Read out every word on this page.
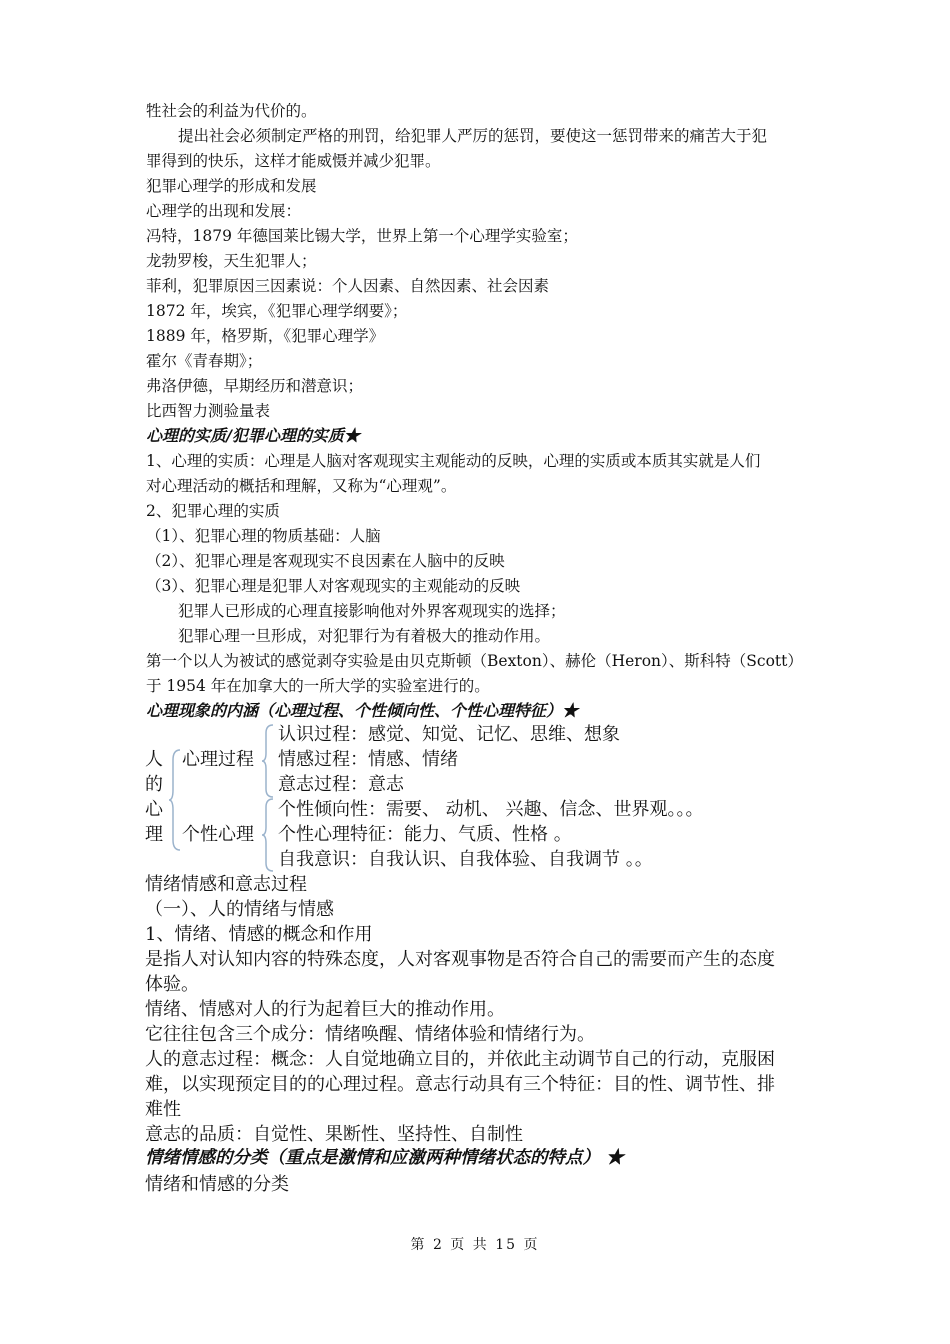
牲社会的利益为代价的。
提出社会必须制定严格的刑罚，给犯罪人严厉的惩罚，要使这一惩罚带来的痛苦大于犯
罪得到的快乐，这样才能威慑并减少犯罪。
犯罪心理学的形成和发展
心理学的出现和发展：
冯特，1879 年德国莱比锡大学，世界上第一个心理学实验室；
龙勃罗梭，天生犯罪人；
菲利，犯罪原因三因素说：个人因素、自然因素、社会因素
1872 年，埃宾，《犯罪心理学纲要》；
1889 年，格罗斯，《犯罪心理学》
霍尔《青春期》；
弗洛伊德，早期经历和潜意识；
比西智力测验量表
心理的实质/犯罪心理的实质★
1、心理的实质：心理是人脑对客观现实主观能动的反映，心理的实质或本质其实就是人们
对心理活动的概括和理解，又称为“心理观”。
2、犯罪心理的实质
（1）、犯罪心理的物质基础：人脑
（2）、犯罪心理是客观现实不良因素在人脑中的反映
（3）、犯罪心理是犯罪人对客观现实的主观能动的反映
犯罪人已形成的心理直接影响他对外界客观现实的选择；
犯罪心理一旦形成，对犯罪行为有着极大的推动作用。
第一个以人为被试的感觉剥夺实验是由贝克斯顿（Bexton）、赫伦（Heron）、斯科特（Scott）
于 1954 年在加拿大的一所大学的实验室进行的。
心理现象的内涵（心理过程、个性倾向性、个性心理特征）★
人
的
心
理
心理过程
个性心理
认识过程：感觉、知觉、记忆、思维、想象
情感过程：情感、情绪
意志过程：意志
个性倾向性：需要、 动机、 兴趣、信念、世界观。。。
个性心理特征：能力、气质、性格 。
自我意识：自我认识、自我体验、自我调节 。。
情绪情感和意志过程
（一）、人的情绪与情感
1、情绪、情感的概念和作用
是指人对认知内容的特殊态度，人对客观事物是否符合自己的需要而产生的态度
体验。
情绪、情感对人的行为起着巨大的推动作用。
它往往包含三个成分：情绪唤醒、情绪体验和情绪行为。
人的意志过程：概念：人自觉地确立目的，并依此主动调节自己的行动，克服困
难，以实现预定目的的心理过程。意志行动具有三个特征：目的性、调节性、排
难性
意志的品质：自觉性、果断性、坚持性、自制性
情绪情感的分类（重点是激情和应激两种情绪状态的特点） ★
情绪和情感的分类
第 2 页 共 15 页
